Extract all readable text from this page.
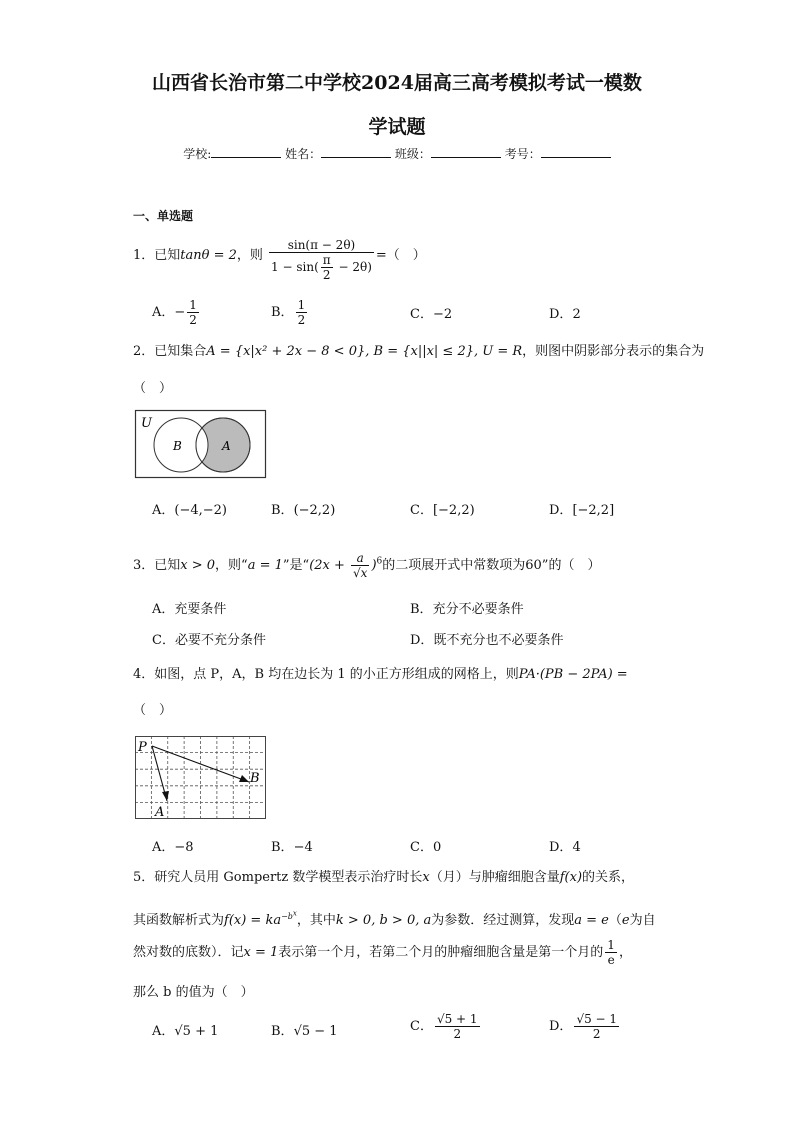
山西省长治市第二中学校2024届高三高考模拟考试一模数
学试题
学校:	姓名：	班级：	考号：
一、单选题
1．已知tanθ = 2，则 $\frac{\sin(\pi - 2\theta)}{1 - \sin( \frac{\pi}{2} - 2\theta)}$ =（　）
A．− $\frac{1}{2}$	B． $\frac{1}{2}$	C．−2	D．2
2．已知集合A = {x|x² + 2x − 8 < 0}, B = {x||x| ≤ 2}, U = R，则图中阴影部分表示的集合为
（　）
U
B	A
A．(−4,−2)	B．(−2,2)	C．[−2,2)	D．[−2,2]
3．已知x > 0，则“a = 1”是“$(2x + \frac{a}{√x} )^6$的二项展开式中常数项为60”的（　）
A．充要条件	B．充分不必要条件
C．必要不充分条件	D．既不充分也不必要条件
4．如图，点 P，A，B 均在边长为 1 的小正方形组成的网格上，则PA·(PB − 2PA) =
（　）
P
A
B
A．−8	B．−4	C．0	D．4
5．研究人员用 Gompertz 数学模型表示治疗时长x（月）与肿瘤细胞含量f(x)的关系，
其函数解析式为$f(x) = ka^{-b^x}$，其中k > 0, b > 0, a为参数．经过测算，发现a = e（e为自
然对数的底数）．记x = 1表示第一个月，若第二个月的肿瘤细胞含量是第一个月的 $\frac{1}{e}$ ，
那么 b 的值为（　）
A．√5 + 1	B．√5 − 1	C． $\frac{√5 + 1}{2}$	D． $\frac{√5 - 1}{2}$
